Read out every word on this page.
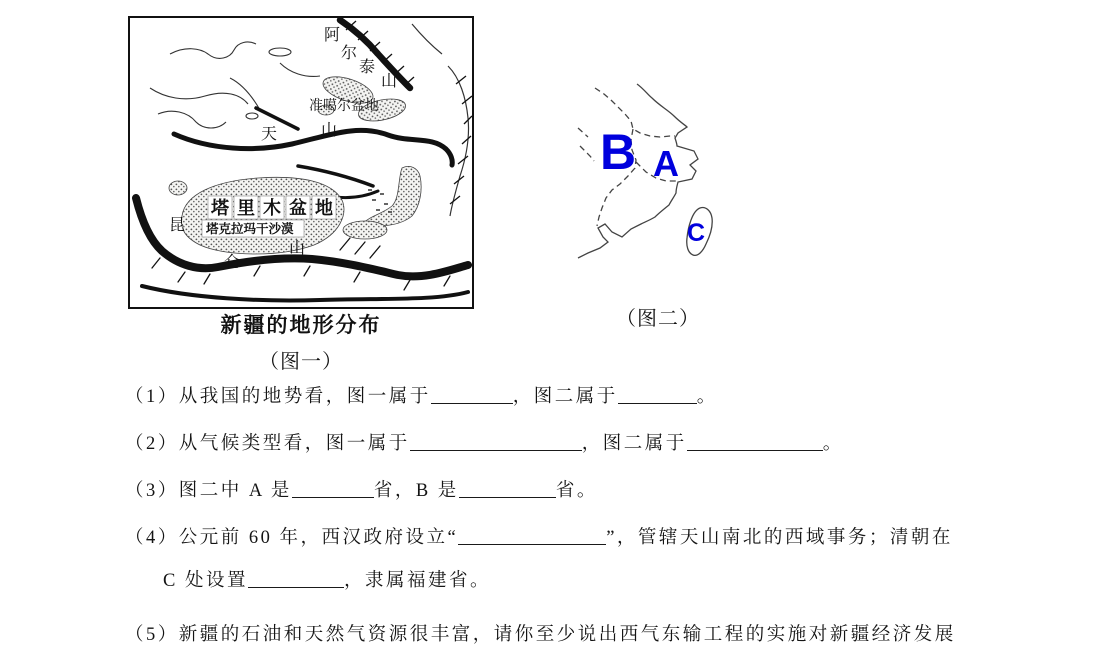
阿
尔
泰
山
准噶尔盆地
天	山
塔 里 木 盆 地
塔克拉玛干沙漠
昆
仑
山
新疆的地形分布
（图一）
B A
C
（图二）
（1）从我国的地势看，图一属于	，图二属于	。
（2）从气候类型看，图一属于	，图二属于	。
（3）图二中 A 是	省，B 是	省。
（4）公元前 60 年，西汉政府设立“	”，管辖天山南北的西域事务；清朝在
C 处设置	，隶属福建省。
（5）新疆的石油和天然气资源很丰富，请你至少说出西气东输工程的实施对新疆经济发展
